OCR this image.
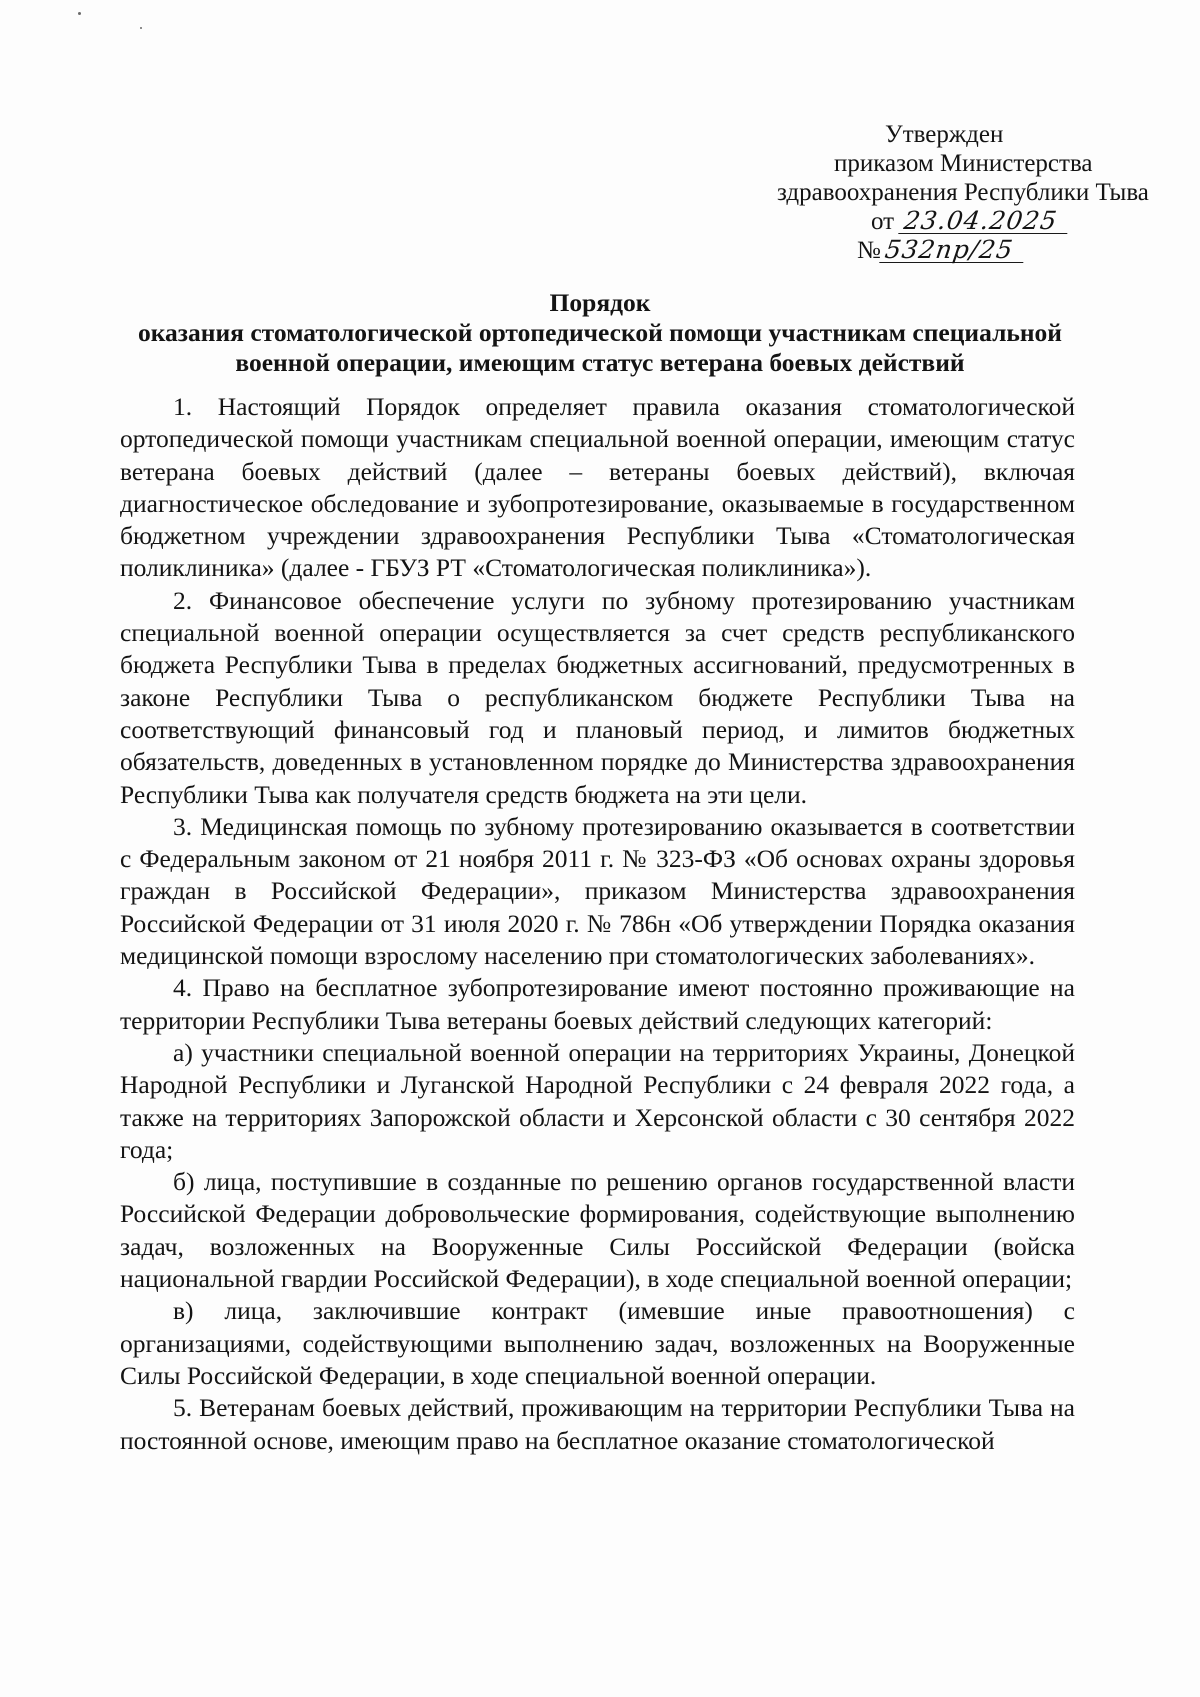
Утвержден
приказом Министерства
здравоохранения Республики Тыва
от 23.04.2025
№532пр/25
Порядок
оказания стоматологической ортопедической помощи участникам специальной
военной операции, имеющим статус ветерана боевых действий

1. Настоящий Порядок определяет правила оказания стоматологической ортопедической помощи участникам специальной военной операции, имеющим статус ветерана боевых действий (далее – ветераны боевых действий), включая диагностическое обследование и зубопротезирование, оказываемые в государственном бюджетном учреждении здравоохранения Республики Тыва «Стоматологическая поликлиника» (далее - ГБУЗ РТ «Стоматологическая поликлиника»).

2. Финансовое обеспечение услуги по зубному протезированию участникам специальной военной операции осуществляется за счет средств республиканского бюджета Республики Тыва в пределах бюджетных ассигнований, предусмотренных в законе Республики Тыва о республиканском бюджете Республики Тыва на соответствующий финансовый год и плановый период, и лимитов бюджетных обязательств, доведенных в установленном порядке до Министерства здравоохранения Республики Тыва как получателя средств бюджета на эти цели.

3. Медицинская помощь по зубному протезированию оказывается в соответствии с Федеральным законом от 21 ноября 2011 г. № 323-ФЗ «Об основах охраны здоровья граждан в Российской Федерации», приказом Министерства здравоохранения Российской Федерации от 31 июля 2020 г. № 786н «Об утверждении Порядка оказания медицинской помощи взрослому населению при стоматологических заболеваниях».

4. Право на бесплатное зубопротезирование имеют постоянно проживающие на территории Республики Тыва ветераны боевых действий следующих категорий:

а) участники специальной военной операции на территориях Украины, Донецкой Народной Республики и Луганской Народной Республики с 24 февраля 2022 года, а также на территориях Запорожской области и Херсонской области с 30 сентября 2022 года;

б) лица, поступившие в созданные по решению органов государственной власти Российской Федерации добровольческие формирования, содействующие выполнению задач, возложенных на Вооруженные Силы Российской Федерации (войска национальной гвардии Российской Федерации), в ходе специальной военной операции;

в) лица, заключившие контракт (имевшие иные правоотношения) с организациями, содействующими выполнению задач, возложенных на Вооруженные Силы Российской Федерации, в ходе специальной военной операции.

5. Ветеранам боевых действий, проживающим на территории Республики Тыва на постоянной основе, имеющим право на бесплатное оказание стоматологической
